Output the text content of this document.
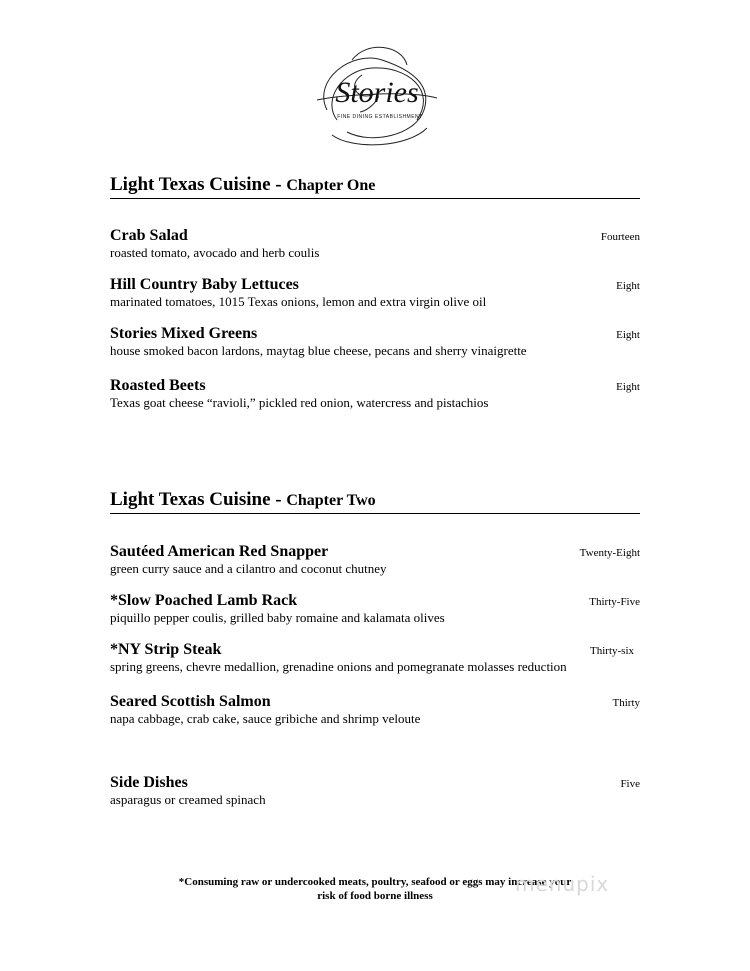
Stories
FINE DINING ESTABLISHMENT
Light Texas Cuisine - Chapter One
Crab Salad
roasted tomato, avocado and herb coulis
Fourteen
Hill Country Baby Lettuces
marinated tomatoes, 1015 Texas onions, lemon and extra virgin olive oil
Eight
Stories Mixed Greens
house smoked bacon lardons, maytag blue cheese, pecans and sherry vinaigrette
Eight
Roasted Beets
Texas goat cheese “ravioli,” pickled red onion, watercress and pistachios
Eight
Light Texas Cuisine - Chapter Two
Sautéed American Red Snapper
green curry sauce and a cilantro and coconut chutney
Twenty-Eight
*Slow Poached Lamb Rack
piquillo pepper coulis, grilled baby romaine and kalamata olives
Thirty-Five
*NY Strip Steak
spring greens, chevre medallion, grenadine onions and pomegranate molasses reduction
Thirty-six
Seared Scottish Salmon
napa cabbage, crab cake, sauce gribiche and shrimp veloute
Thirty
Side Dishes
asparagus or creamed spinach
Five
*Consuming raw or undercooked meats, poultry, seafood or eggs may increase your
risk of food borne illness	menupix
